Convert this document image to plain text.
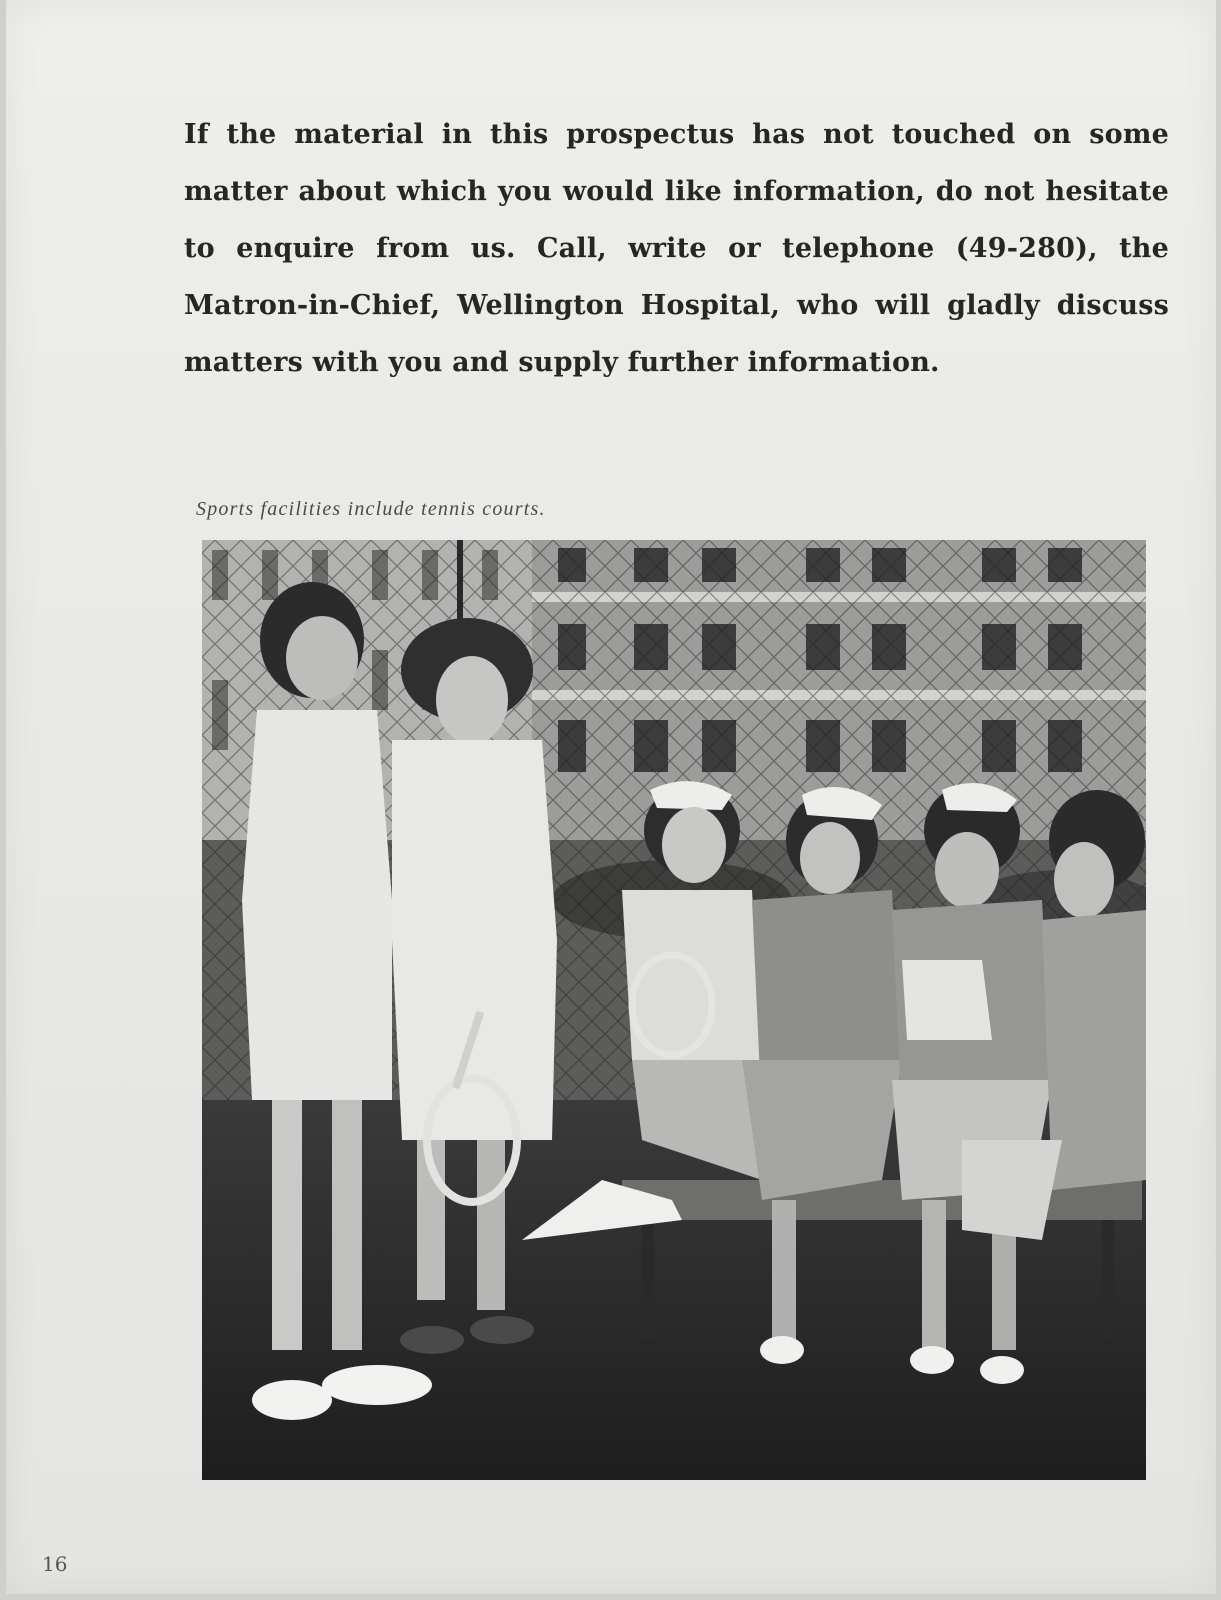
If the material in this prospectus has not touched on some matter about which you would like information, do not hesitate to enquire from us. Call, write or telephone (49-280), the Matron-in-Chief, Wellington Hospital, who will gladly discuss matters with you and supply further information.

Sports facilities include tennis courts.

16
